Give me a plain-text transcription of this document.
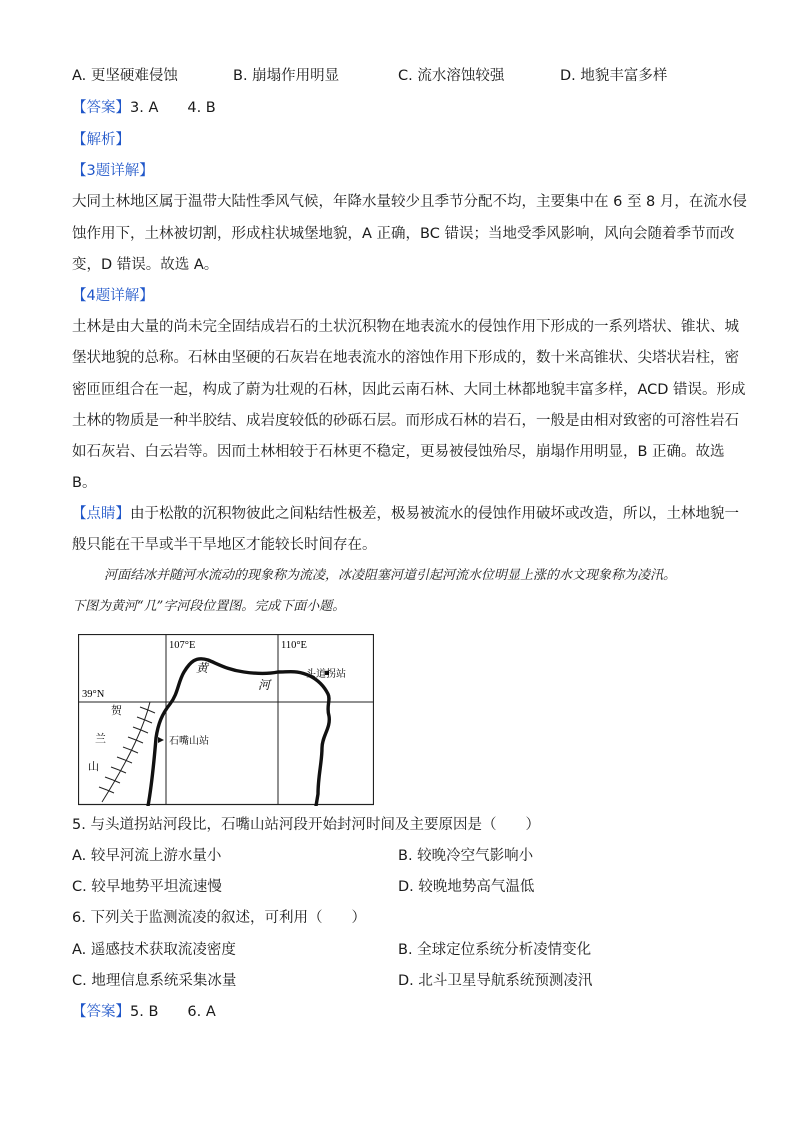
A. 更坚硬难侵蚀	B. 崩塌作用明显	C. 流水溶蚀较强	D. 地貌丰富多样
【答案】3. A　　4. B
【解析】
【3题详解】
大同土林地区属于温带大陆性季风气候，年降水量较少且季节分配不均，主要集中在 6 至 8 月，在流水侵
蚀作用下，土林被切割，形成柱状城堡地貌，A 正确，BC 错误；当地受季风影响，风向会随着季节而改
变，D 错误。故选 A。
【4题详解】
土林是由大量的尚未完全固结成岩石的土状沉积物在地表流水的侵蚀作用下形成的一系列塔状、锥状、城
堡状地貌的总称。石林由坚硬的石灰岩在地表流水的溶蚀作用下形成的，数十米高锥状、尖塔状岩柱，密
密匝匝组合在一起，构成了蔚为壮观的石林，因此云南石林、大同土林都地貌丰富多样，ACD 错误。形成
土林的物质是一种半胶结、成岩度较低的砂砾石层。而形成石林的岩石，一般是由相对致密的可溶性岩石
如石灰岩、白云岩等。因而土林相较于石林更不稳定，更易被侵蚀殆尽，崩塌作用明显，B 正确。故选
B。
【点睛】由于松散的沉积物彼此之间粘结性极差，极易被流水的侵蚀作用破坏或改造，所以，土林地貌一
般只能在干旱或半干旱地区才能较长时间存在。
河面结冰并随河水流动的现象称为流凌，冰凌阻塞河道引起河流水位明显上涨的水文现象称为凌汛。
下图为黄河“几”字河段位置图。完成下面小题。
107°E	110°E
39°N
黄
河
头道拐站
石嘴山站
贺
兰
山
5. 与头道拐站河段比，石嘴山站河段开始封河时间及主要原因是（　　）
A. 较早河流上游水量小	B. 较晚冷空气影响小
C. 较早地势平坦流速慢	D. 较晚地势高气温低
6. 下列关于监测流凌的叙述，可利用（　　）
A. 遥感技术获取流凌密度	B. 全球定位系统分析凌情变化
C. 地理信息系统采集冰量	D. 北斗卫星导航系统预测凌汛
【答案】5. B　　6. A
